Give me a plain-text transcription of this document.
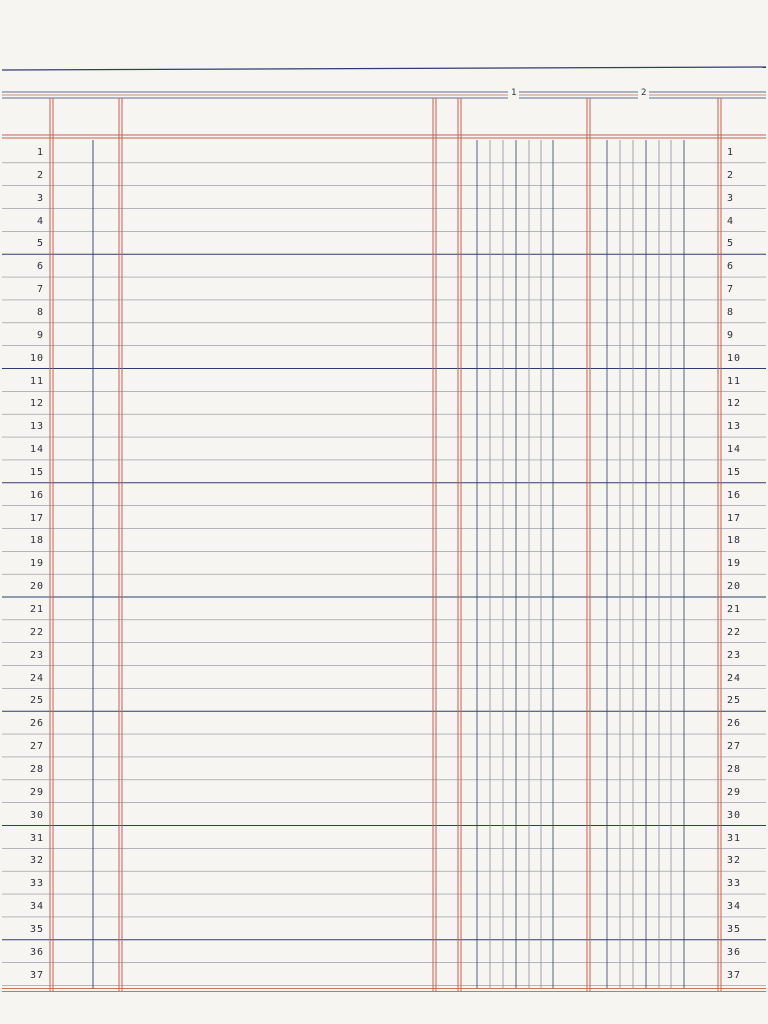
1	1
2	2
3	3
4	4
5	5
6	6
7	7
8	8
9	9
10	10
11	11
12	12
13	13
14	14
15	15
16	16
17	17
18	18
19	19
20	20
21	21
22	22
23	23
24	24
25	25
26	26
27	27
28	28
29	29
30	30
31	31
32	32
33	33
34	34
35	35
36	36
37	37
1	2
